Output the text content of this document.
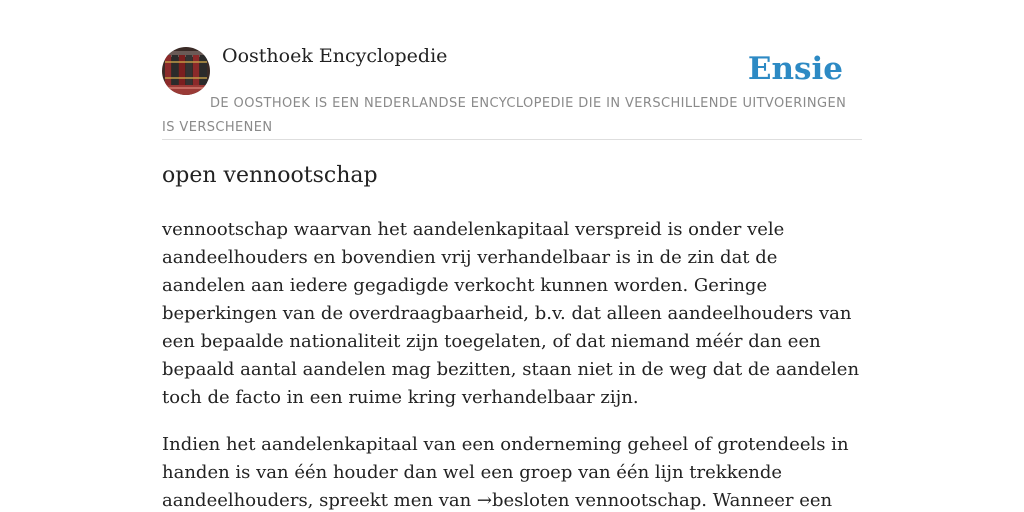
Oosthoek Encyclopedie	Ensie
DE OOSTHOEK IS EEN NEDERLANDSE ENCYCLOPEDIE DIE IN VERSCHILLENDE UITVOERINGEN IS VERSCHENEN
open vennootschap

vennootschap waarvan het aandelenkapitaal verspreid is onder vele aandeelhouders en bovendien vrij verhandelbaar is in de zin dat de aandelen aan iedere gegadigde verkocht kunnen worden. Geringe beperkingen van de overdraagbaarheid, b.v. dat alleen aandeelhouders van een bepaalde nationaliteit zijn toegelaten, of dat niemand méér dan een bepaald aantal aandelen mag bezitten, staan niet in de weg dat de aandelen toch de facto in een ruime kring verhandelbaar zijn.

Indien het aandelenkapitaal van een onderneming geheel of grotendeels in handen is van één houder dan wel een groep van één lijn trekkende aandeelhouders, spreekt men van →besloten vennootschap. Wanneer een
